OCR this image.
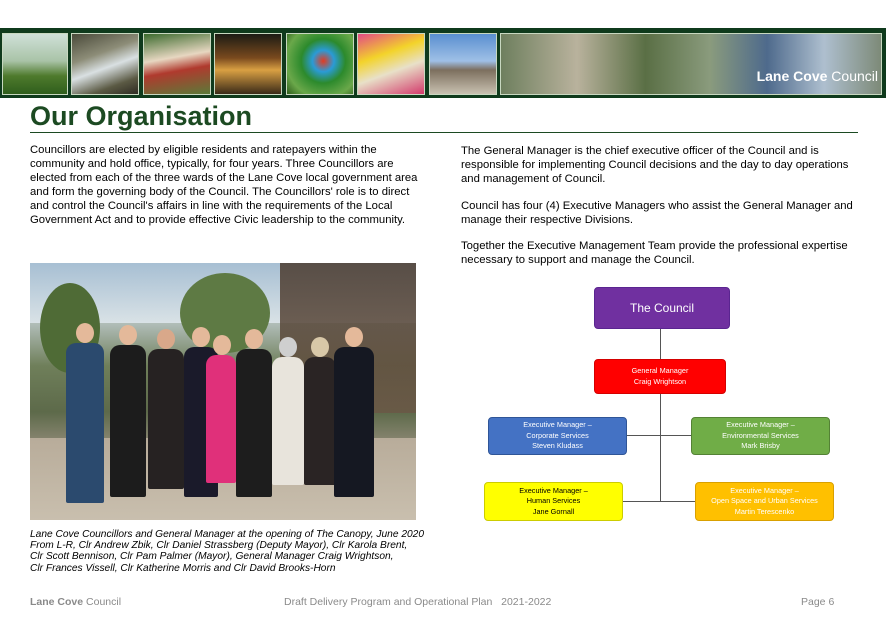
Lane Cove Council
Our Organisation

Councillors are elected by eligible residents and ratepayers within the community and hold office, typically, for four years. Three Councillors are elected from each of the three wards of the Lane Cove local government area and form the governing body of the Council. The Councillors' role is to direct and control the Council's affairs in line with the requirements of the Local Government Act and to provide effective Civic leadership to the community.

Lane Cove Councillors and General Manager at the opening of The Canopy, June 2020
From L-R, Clr Andrew Zbik, Clr Daniel Strassberg (Deputy Mayor), Clr Karola Brent,
Clr Scott Bennison, Clr Pam Palmer (Mayor), General Manager Craig Wrightson,
Clr Frances Vissell, Clr Katherine Morris and Clr David Brooks-Horn

The General Manager is the chief executive officer of the Council and is responsible for implementing Council decisions and the day to day operations and management of Council.

Council has four (4) Executive Managers who assist the General Manager and manage their respective Divisions.

Together the Executive Management Team provide the professional expertise necessary to support and manage the Council.

The Council
General Manager
Craig Wrightson
Executive Manager –
Corporate Services
Steven Kludass
Executive Manager –
Environmental Services
Mark Brisby
Executive Manager –
Human Services
Jane Gornall
Executive Manager –
Open Space and Urban Services
Martin Terescenko
Lane Cove Council	Draft Delivery Program and Operational Plan 2021-2022	Page 6
